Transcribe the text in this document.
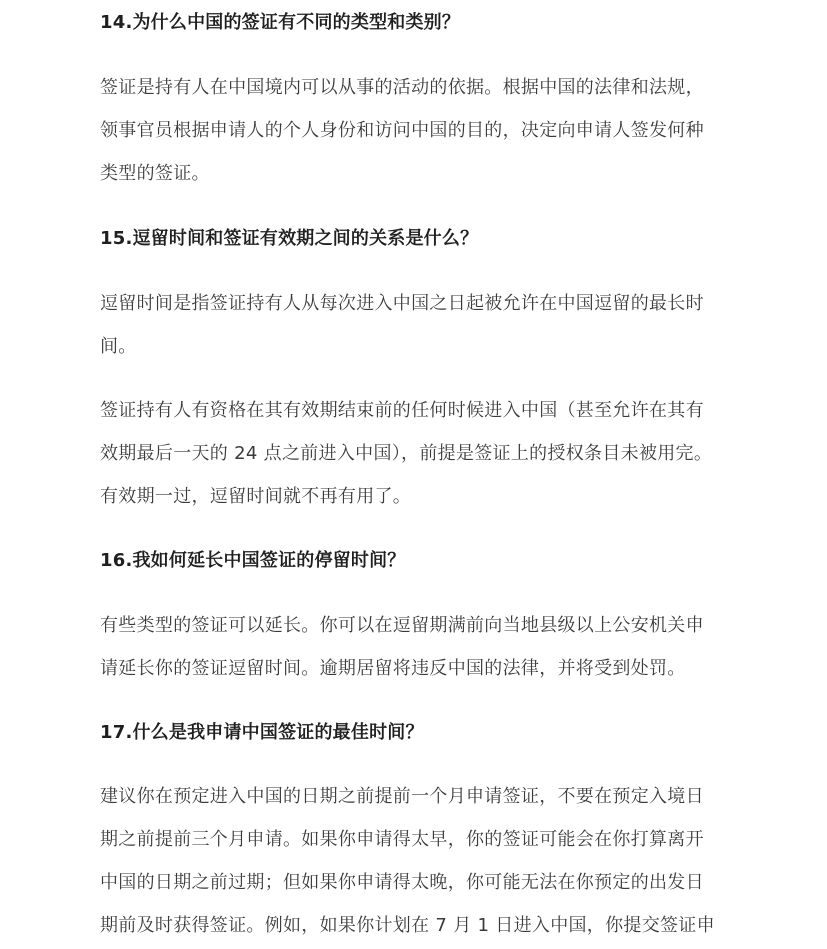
14.为什么中国的签证有不同的类型和类别？
签证是持有人在中国境内可以从事的活动的依据。根据中国的法律和法规，
领事官员根据申请人的个人身份和访问中国的目的，决定向申请人签发何种
类型的签证。
15.逗留时间和签证有效期之间的关系是什么？
逗留时间是指签证持有人从每次进入中国之日起被允许在中国逗留的最长时
间。
签证持有人有资格在其有效期结束前的任何时候进入中国（甚至允许在其有
效期最后一天的 24 点之前进入中国），前提是签证上的授权条目未被用完。
有效期一过，逗留时间就不再有用了。
16.我如何延长中国签证的停留时间？
有些类型的签证可以延长。你可以在逗留期满前向当地县级以上公安机关申
请延长你的签证逗留时间。逾期居留将违反中国的法律，并将受到处罚。
17.什么是我申请中国签证的最佳时间？
建议你在预定进入中国的日期之前提前一个月申请签证，不要在预定入境日
期之前提前三个月申请。如果你申请得太早，你的签证可能会在你打算离开
中国的日期之前过期；但如果你申请得太晚，你可能无法在你预定的出发日
期前及时获得签证。例如，如果你计划在 7 月 1 日进入中国，你提交签证申
